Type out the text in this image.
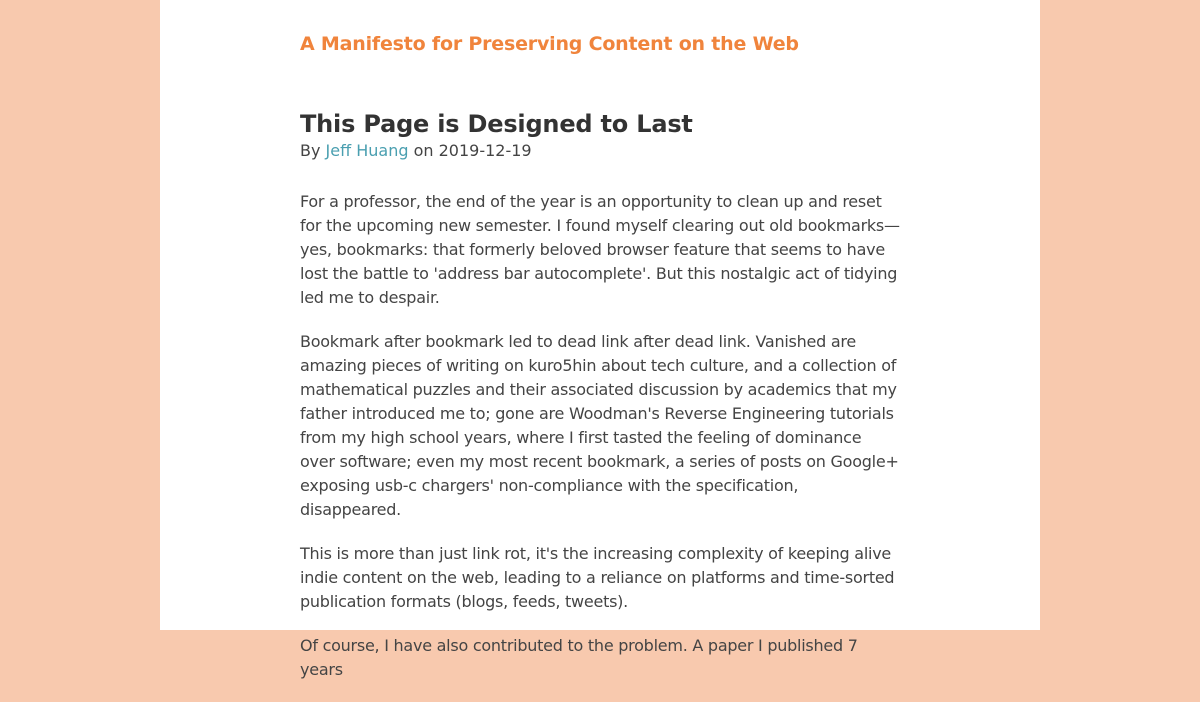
A Manifesto for Preserving Content on the Web
This Page is Designed to Last
By Jeff Huang on 2019-12-19

For a professor, the end of the year is an opportunity to clean up and reset for the upcoming new semester. I found myself clearing out old bookmarks—yes, bookmarks: that formerly beloved browser feature that seems to have lost the battle to 'address bar autocomplete'. But this nostalgic act of tidying led me to despair.

Bookmark after bookmark led to dead link after dead link. Vanished are amazing pieces of writing on kuro5hin about tech culture, and a collection of mathematical puzzles and their associated discussion by academics that my father introduced me to; gone are Woodman's Reverse Engineering tutorials from my high school years, where I first tasted the feeling of dominance over software; even my most recent bookmark, a series of posts on Google+ exposing usb-c chargers' non-compliance with the specification, disappeared.

This is more than just link rot, it's the increasing complexity of keeping alive indie content on the web, leading to a reliance on platforms and time-sorted publication formats (blogs, feeds, tweets).

Of course, I have also contributed to the problem. A paper I published 7 years
